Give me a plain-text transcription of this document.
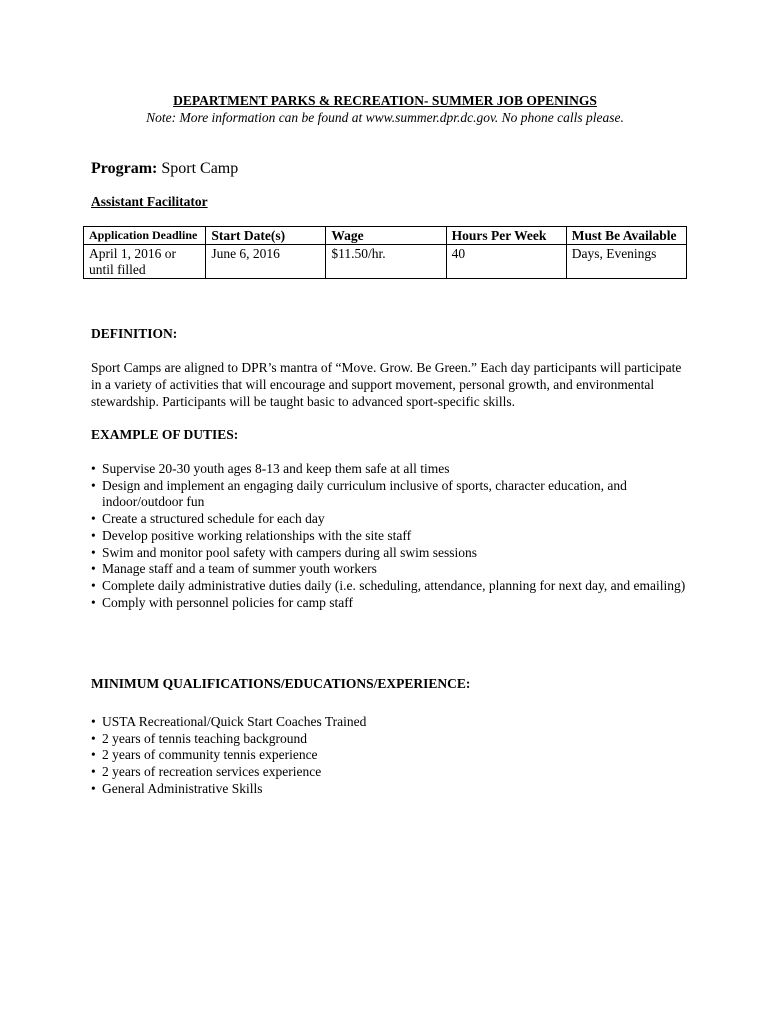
DEPARTMENT PARKS & RECREATION- SUMMER JOB OPENINGS
Note: More information can be found at www.summer.dpr.dc.gov. No phone calls please.
Program: Sport Camp
Assistant Facilitator
Application Deadline	Start Date(s)	Wage	Hours Per Week	Must Be Available
April 1, 2016 or until filled	June 6, 2016	$11.50/hr.	40	Days, Evenings
DEFINITION:

Sport Camps are aligned to DPR’s mantra of “Move. Grow. Be Green.” Each day participants will participate in a variety of activities that will encourage and support movement, personal growth, and environmental stewardship. Participants will be taught basic to advanced sport-specific skills.

EXAMPLE OF DUTIES:
• Supervise 20-30 youth ages 8-13 and keep them safe at all times
• Design and implement an engaging daily curriculum inclusive of sports, character education, and indoor/outdoor fun
• Create a structured schedule for each day
• Develop positive working relationships with the site staff
• Swim and monitor pool safety with campers during all swim sessions
• Manage staff and a team of summer youth workers
• Complete daily administrative duties daily (i.e. scheduling, attendance, planning for next day, and emailing)
• Comply with personnel policies for camp staff
MINIMUM QUALIFICATIONS/EDUCATIONS/EXPERIENCE:
• USTA Recreational/Quick Start Coaches Trained
• 2 years of tennis teaching background
• 2 years of community tennis experience
• 2 years of recreation services experience
• General Administrative Skills
